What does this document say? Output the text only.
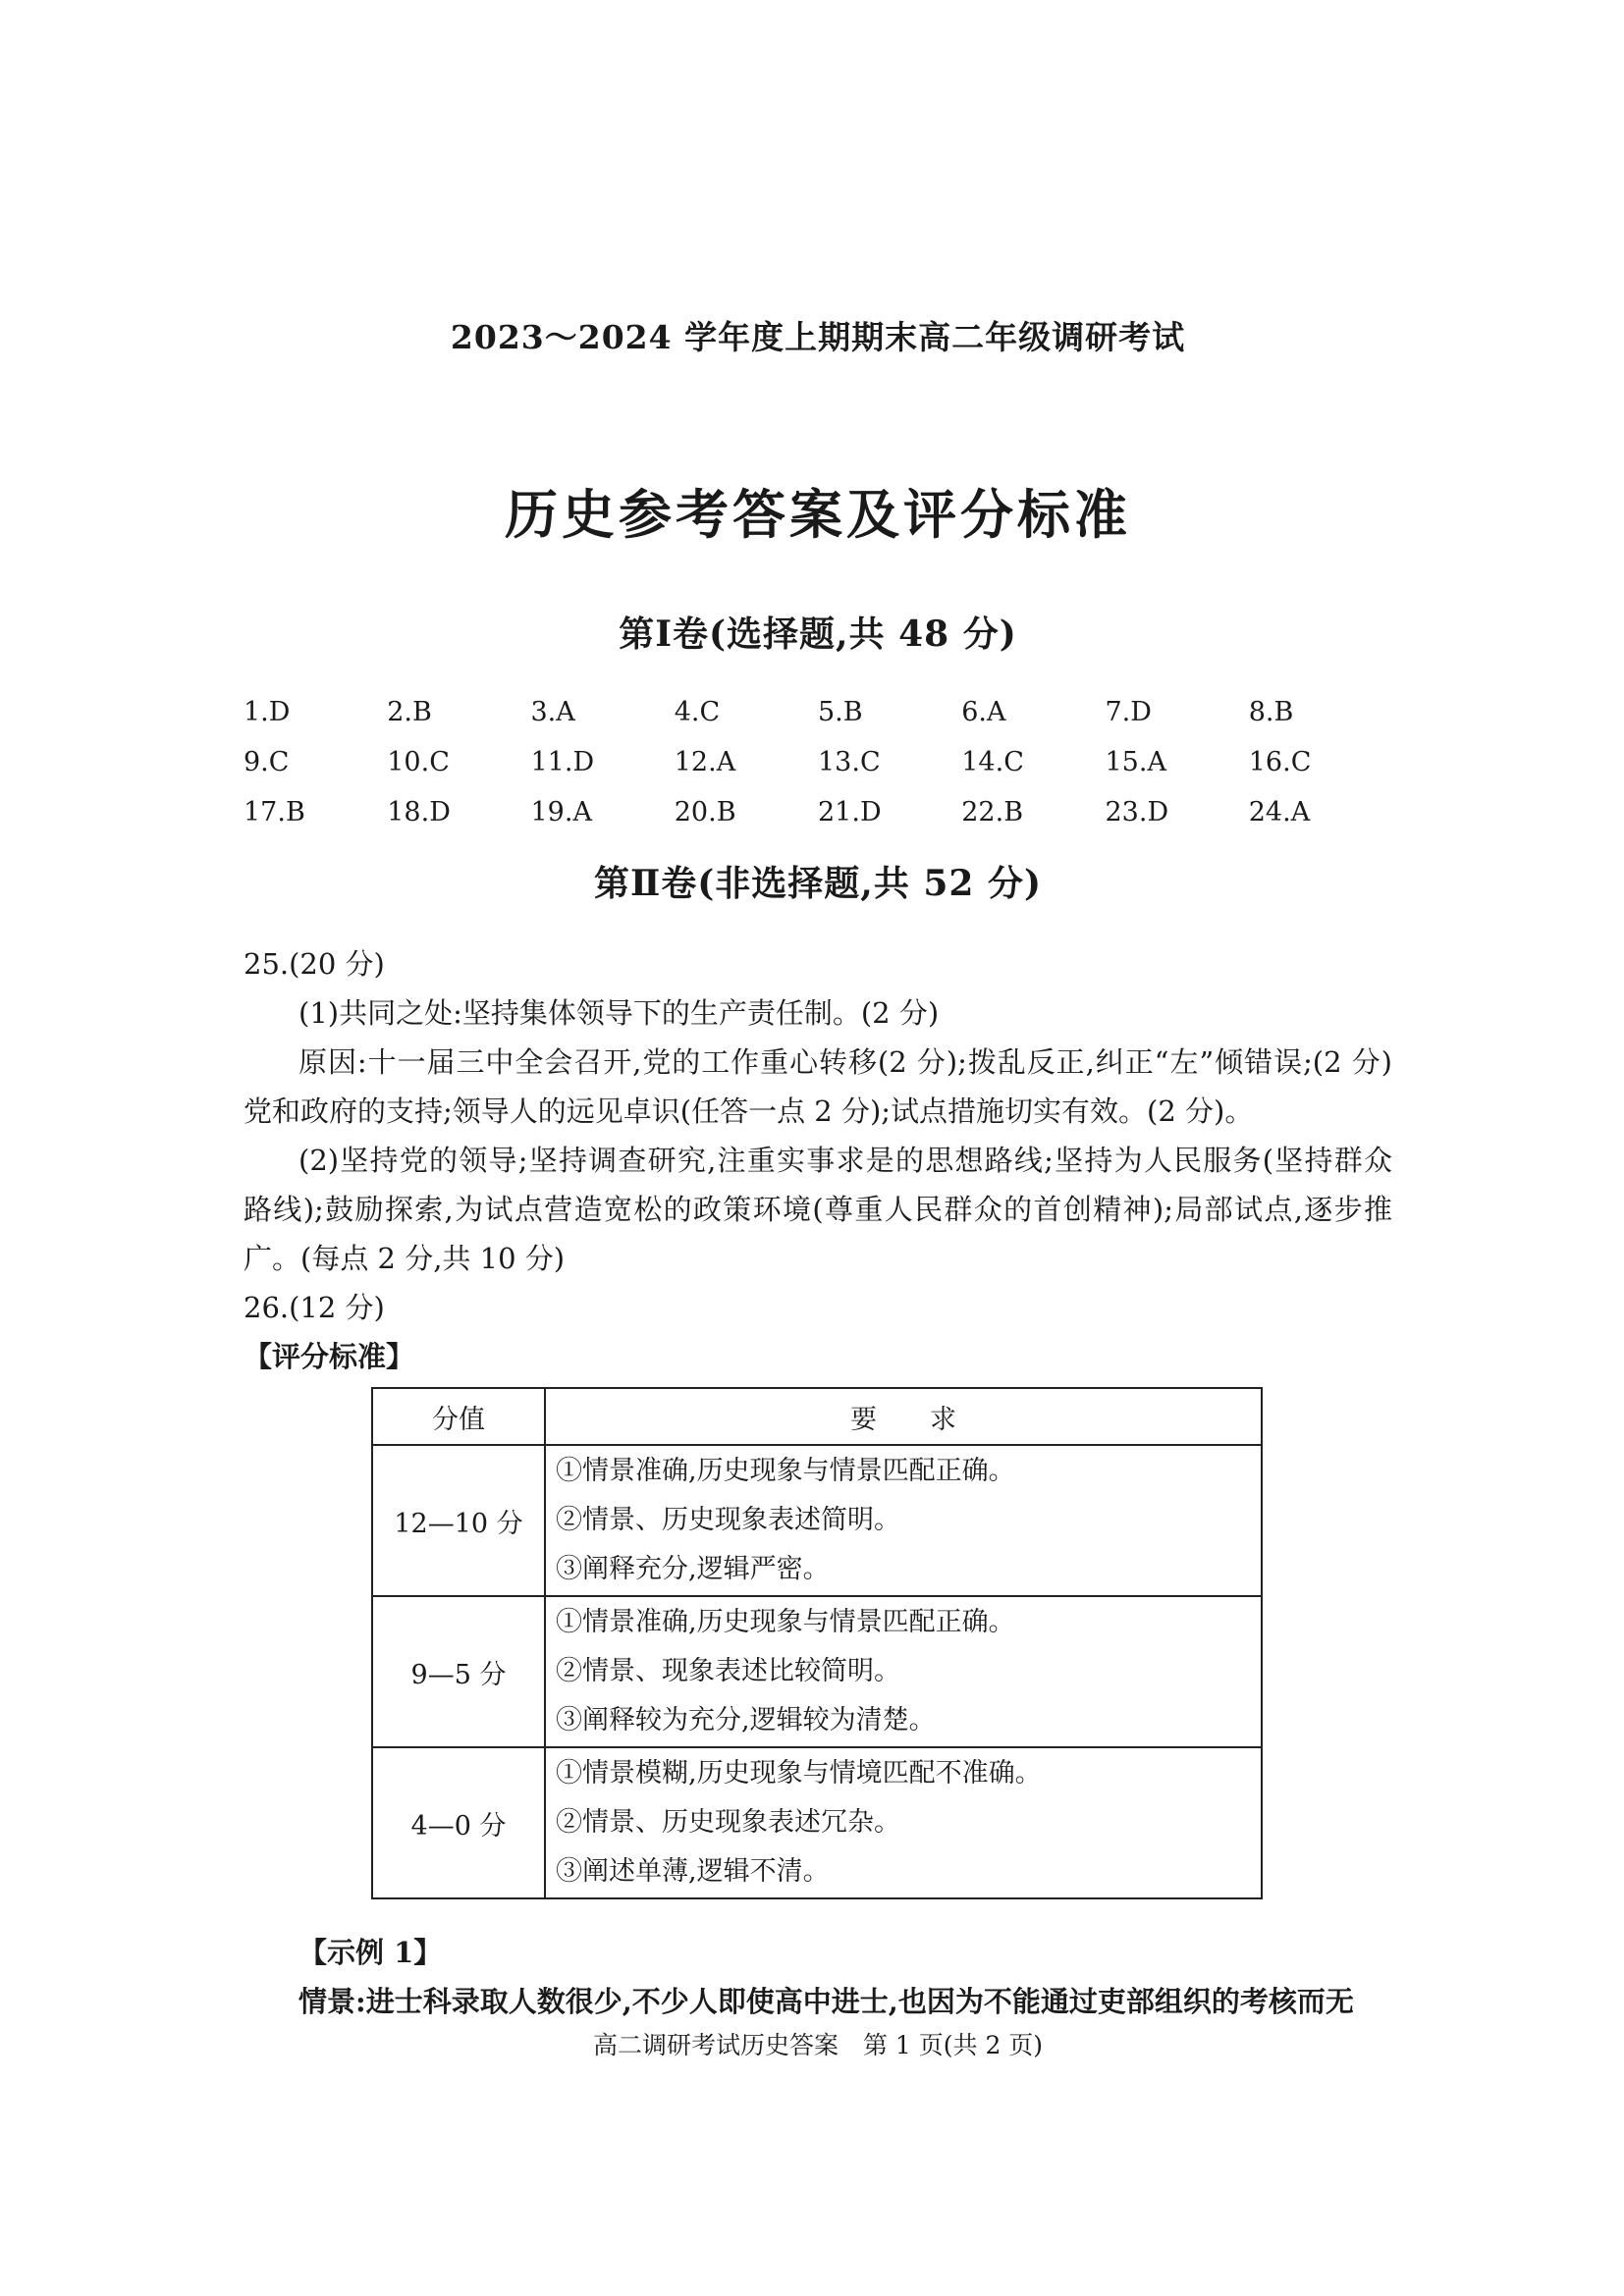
2023～2024 学年度上期期末高二年级调研考试
历史参考答案及评分标准
第Ⅰ卷(选择题,共 48 分)
1.D	2.B	3.A	4.C	5.B	6.A	7.D	8.B
9.C	10.C	11.D	12.A	13.C	14.C	15.A	16.C
17.B	18.D	19.A	20.B	21.D	22.B	23.D	24.A
第Ⅱ卷(非选择题,共 52 分)
25.(20 分)
(1)共同之处:坚持集体领导下的生产责任制。(2 分)
原因:十一届三中全会召开,党的工作重心转移(2 分);拨乱反正,纠正“左”倾错误;(2 分)
党和政府的支持;领导人的远见卓识(任答一点 2 分);试点措施切实有效。(2 分)。
(2)坚持党的领导;坚持调查研究,注重实事求是的思想路线;坚持为人民服务(坚持群众
路线);鼓励探索,为试点营造宽松的政策环境(尊重人民群众的首创精神);局部试点,逐步推
广。(每点 2 分,共 10 分)
26.(12 分)
【评分标准】
分值	要　　求
12—10 分	①情景准确,历史现象与情景匹配正确。
②情景、历史现象表述简明。
③阐释充分,逻辑严密。

9—5 分	①情景准确,历史现象与情景匹配正确。
②情景、现象表述比较简明。
③阐释较为充分,逻辑较为清楚。

4—0 分	①情景模糊,历史现象与情境匹配不准确。
②情景、历史现象表述冗杂。
③阐述单薄,逻辑不清。
【示例 1】
情景:进士科录取人数很少,不少人即使高中进士,也因为不能通过吏部组织的考核而无
高二调研考试历史答案　第 1 页(共 2 页)
